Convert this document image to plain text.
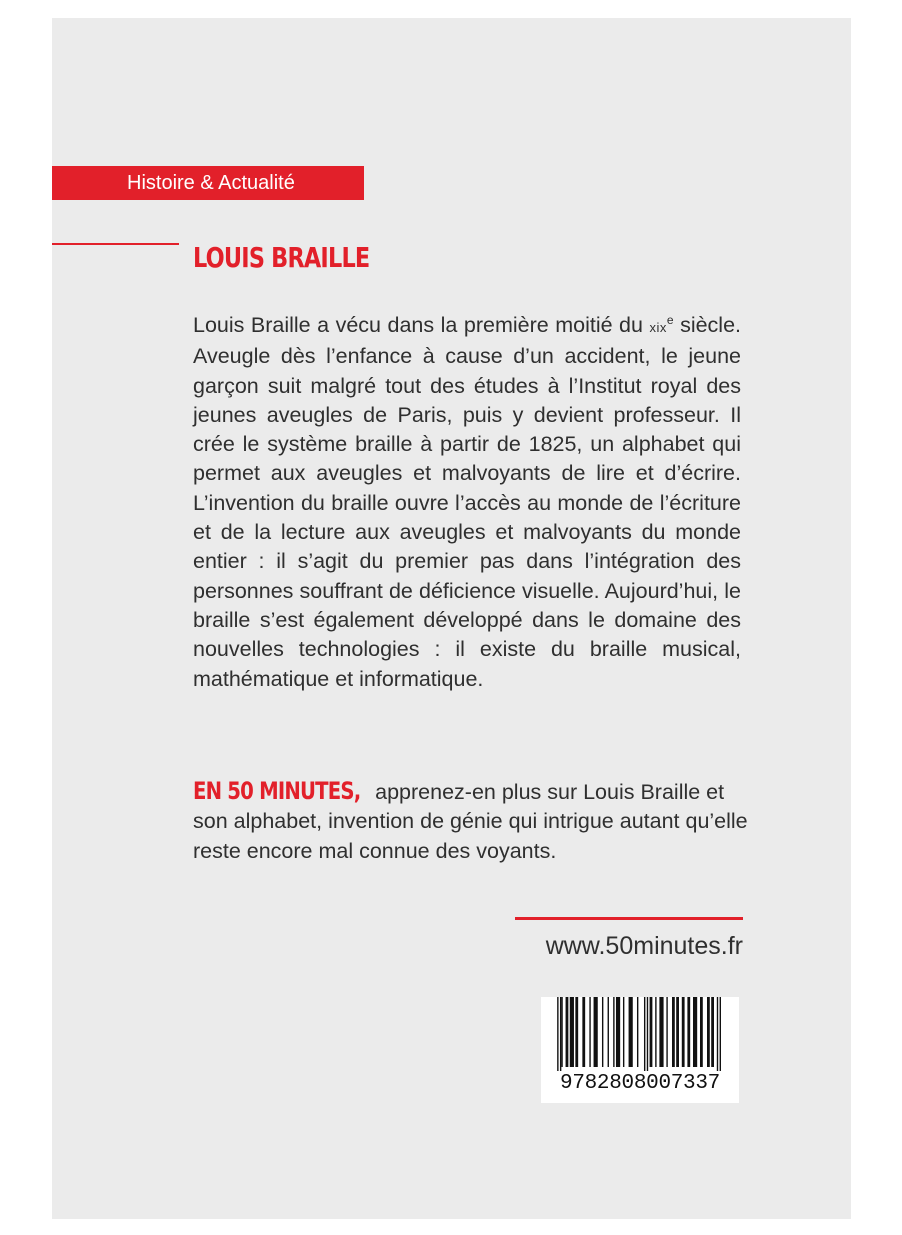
Histoire & Actualité
LOUIS BRAILLE
Louis Braille a vécu dans la première moitié du xix$^e$ siècle. Aveugle dès l’enfance à cause d’un accident, le jeune garçon suit malgré tout des études à l’Institut royal des jeunes aveugles de Paris, puis y devient professeur. Il crée le système braille à partir de 1825, un alphabet qui permet aux aveugles et malvoyants de lire et d’écrire. L’invention du braille ouvre l’accès au monde de l’écriture et de la lecture aux aveugles et malvoyants du monde entier : il s’agit du premier pas dans l’intégration des personnes souffrant de déficience visuelle. Aujourd’hui, le braille s’est également développé dans le domaine des nouvelles technologies : il existe du braille musical, mathématique et informatique.
EN 50 MINUTES, apprenez-en plus sur Louis Braille et son alphabet, invention de génie qui intrigue autant qu’elle reste encore mal connue des voyants.
www.50minutes.fr
9782808007337
